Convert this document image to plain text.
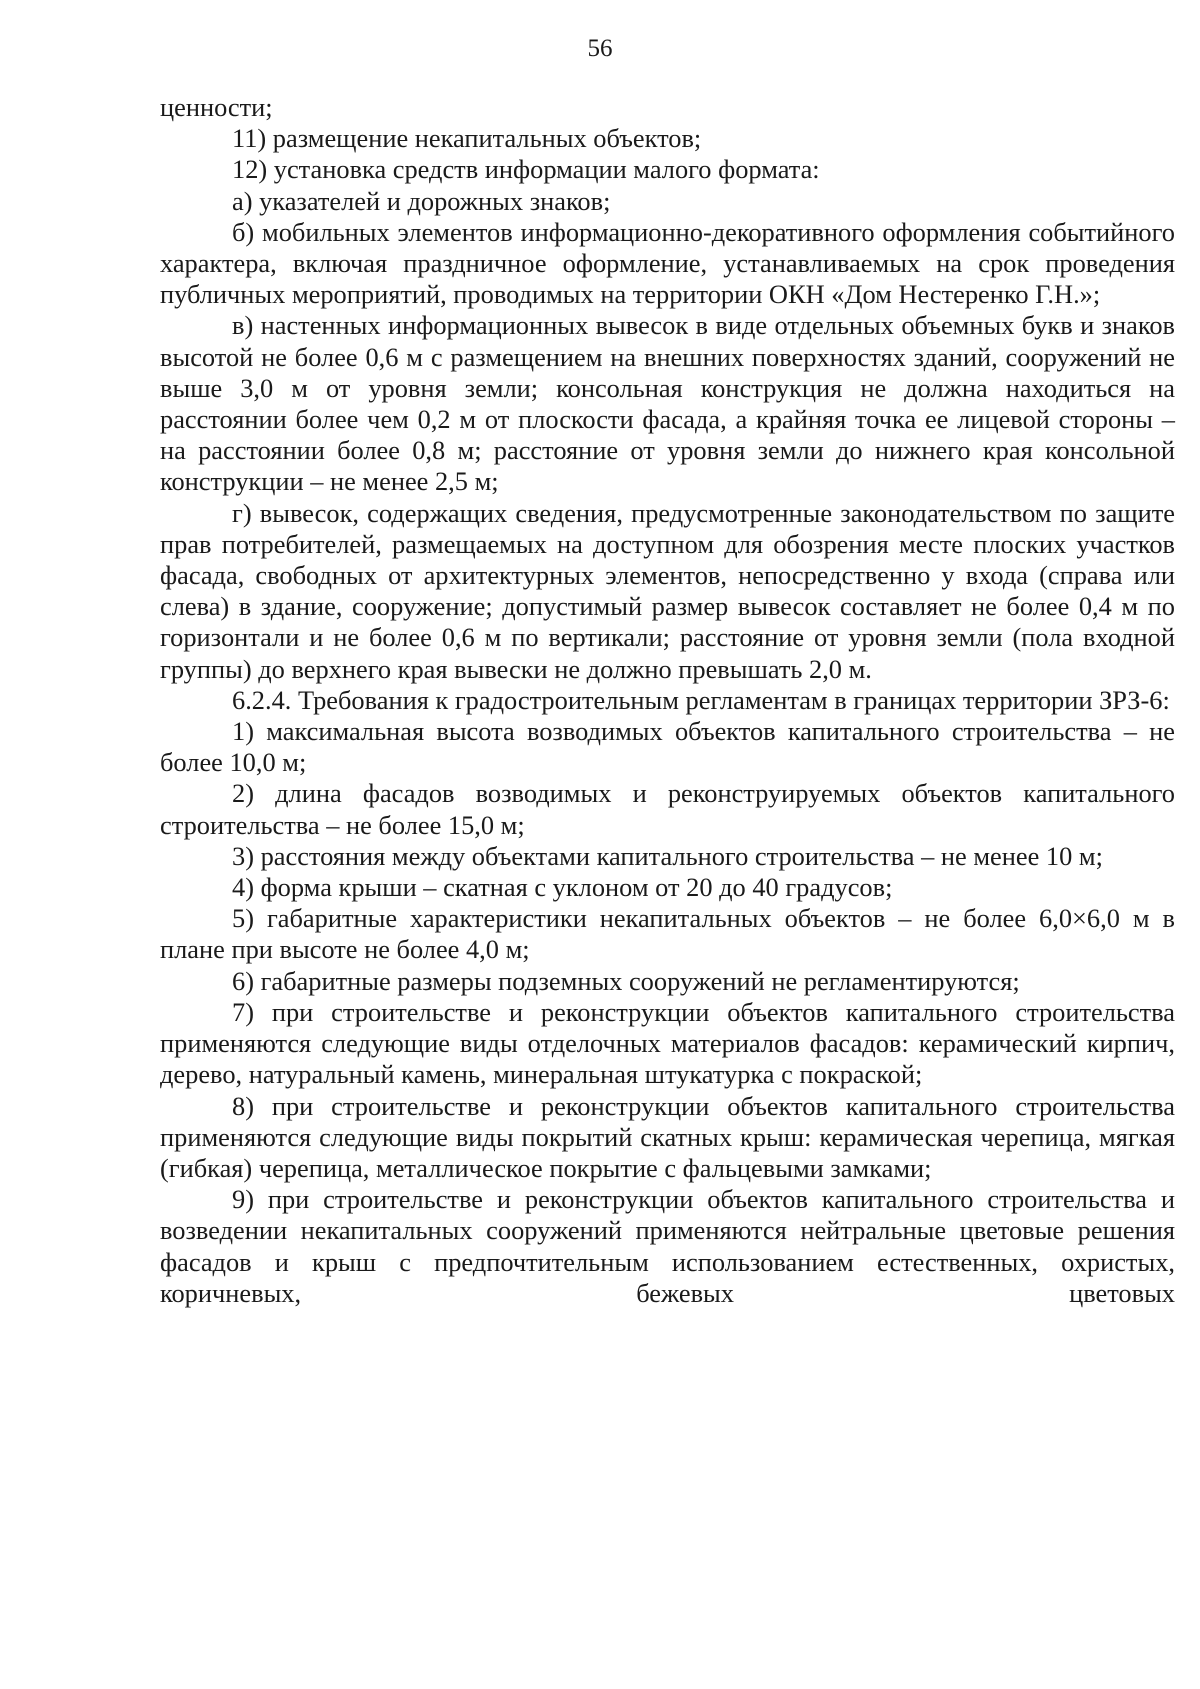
56

ценности;

11) размещение некапитальных объектов;

12) установка средств информации малого формата:

а) указателей и дорожных знаков;

б) мобильных элементов информационно-декоративного оформления событийного характера, включая праздничное оформление, устанавливаемых на срок проведения публичных мероприятий, проводимых на территории ОКН «Дом Нестеренко Г.Н.»;

в) настенных информационных вывесок в виде отдельных объемных букв и знаков высотой не более 0,6 м с размещением на внешних поверхностях зданий, сооружений не выше 3,0 м от уровня земли; консольная конструкция не должна находиться на расстоянии более чем 0,2 м от плоскости фасада, а крайняя точка ее лицевой стороны – на расстоянии более 0,8 м; расстояние от уровня земли до нижнего края консольной конструкции – не менее 2,5 м;

г) вывесок, содержащих сведения, предусмотренные законодательством по защите прав потребителей, размещаемых на доступном для обозрения месте плоских участков фасада, свободных от архитектурных элементов, непосредственно у входа (справа или слева) в здание, сооружение; допустимый размер вывесок составляет не более 0,4 м по горизонтали и не более 0,6 м по вертикали; расстояние от уровня земли (пола входной группы) до верхнего края вывески не должно превышать 2,0 м.

6.2.4. Требования к градостроительным регламентам в границах территории ЗРЗ-6:

1) максимальная высота возводимых объектов капитального строительства – не более 10,0 м;

2) длина фасадов возводимых и реконструируемых объектов капитального строительства – не более 15,0 м;

3) расстояния между объектами капитального строительства – не менее 10 м;

4) форма крыши – скатная с уклоном от 20 до 40 градусов;

5) габаритные характеристики некапитальных объектов – не более 6,0×6,0 м в плане при высоте не более 4,0 м;

6) габаритные размеры подземных сооружений не регламентируются;

7) при строительстве и реконструкции объектов капитального строительства применяются следующие виды отделочных материалов фасадов: керамический кирпич, дерево, натуральный камень, минеральная штукатурка с покраской;

8) при строительстве и реконструкции объектов капитального строительства применяются следующие виды покрытий скатных крыш: керамическая черепица, мягкая (гибкая) черепица, металлическое покрытие с фальцевыми замками;

9) при строительстве и реконструкции объектов капитального строительства и возведении некапитальных сооружений применяются нейтральные цветовые решения фасадов и крыш с предпочтительным использованием естественных, охристых, коричневых, бежевых цветовых
